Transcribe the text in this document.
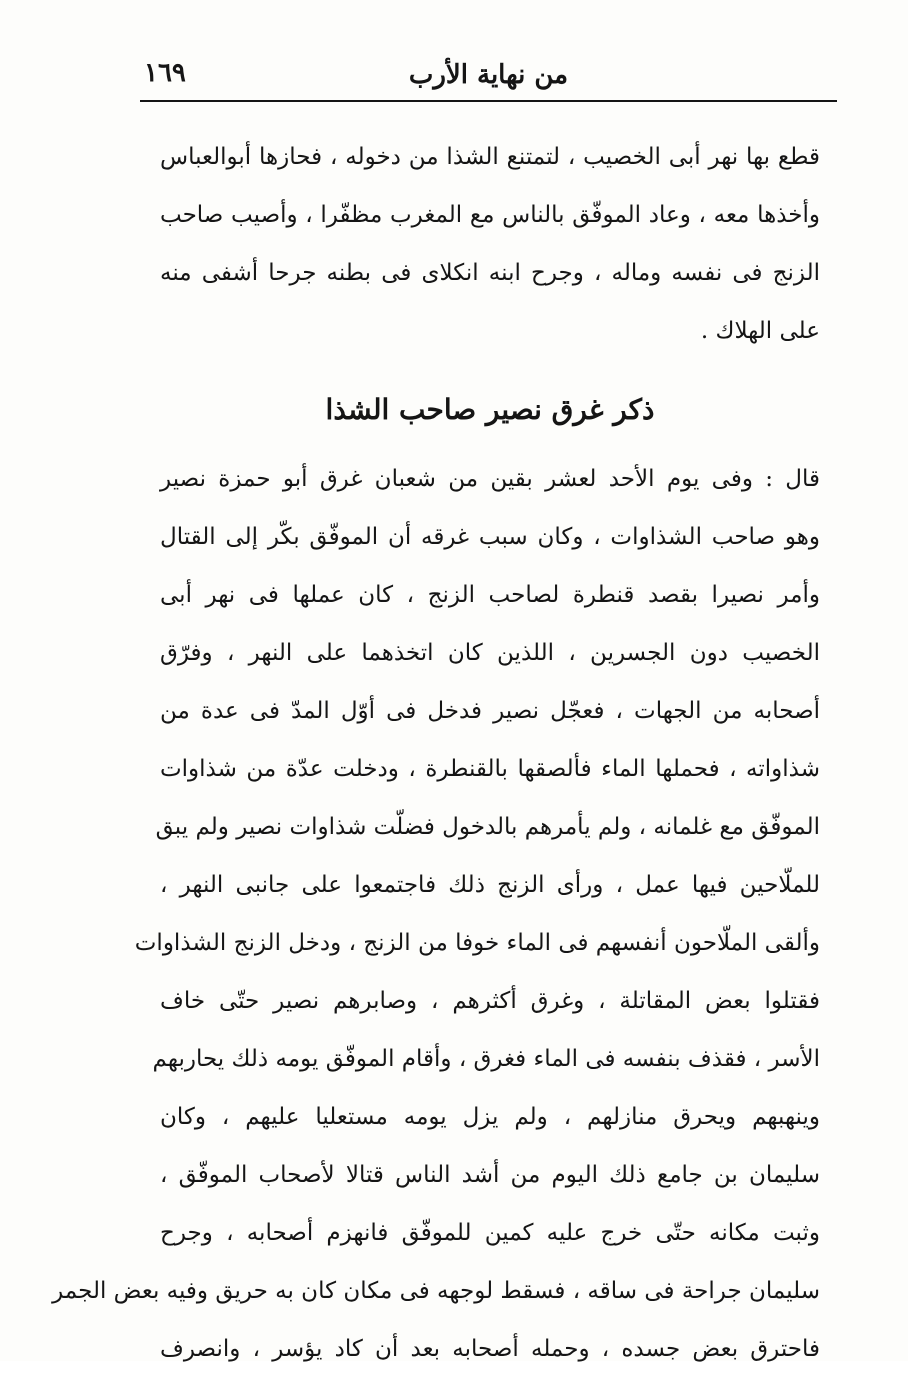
من نهاية الأرب
١٦٩
قطع بها نهر أبى الخصيب ، لتمتنع الشذا من دخوله ، فحازها أبوالعباس
وأخذها معه ، وعاد الموفّق بالناس مع المغرب مظفّرا ، وأصيب صاحب
الزنج فى نفسه وماله ، وجرح ابنه انكلاى فى بطنه جرحا أشفى منه
على الهلاك .
ذكر غرق نصير صاحب الشذا
قال : وفى يوم الأحد لعشر بقين من شعبان غرق أبو حمزة نصير
وهو صاحب الشذاوات ، وكان سبب غرقه أن الموفّق بكّر إلى القتال
وأمر نصيرا بقصد قنطرة لصاحب الزنج ، كان عملها فى نهر أبى
الخصيب دون الجسرين ، اللذين كان اتخذهما على النهر ، وفرّق
أصحابه من الجهات ، فعجّل نصير فدخل فى أوّل المدّ فى عدة من
شذاواته ، فحملها الماء فألصقها بالقنطرة ، ودخلت عدّة من شذاوات
الموفّق مع غلمانه ، ولم يأمرهم بالدخول فضلّت شذاوات نصير ولم يبق
للملّاحين فيها عمل ، ورأى الزنج ذلك فاجتمعوا على جانبى النهر ،
وألقى الملّاحون أنفسهم فى الماء خوفا من الزنج ، ودخل الزنج الشذاوات
فقتلوا بعض المقاتلة ، وغرق أكثرهم ، وصابرهم نصير حتّى خاف
الأسر ، فقذف بنفسه فى الماء فغرق ، وأقام الموفّق يومه ذلك يحاربهم
وينهبهم ويحرق منازلهم ، ولم يزل يومه مستعليا عليهم ، وكان
سليمان بن جامع ذلك اليوم من أشد الناس قتالا لأصحاب الموفّق ،
وثبت مكانه حتّى خرج عليه كمين للموفّق فانهزم أصحابه ، وجرح
سليمان جراحة فى ساقه ، فسقط لوجهه فى مكان كان به حريق وفيه بعض الجمر
فاحترق بعض جسده ، وحمله أصحابه بعد أن كاد يؤسر ، وانصرف
